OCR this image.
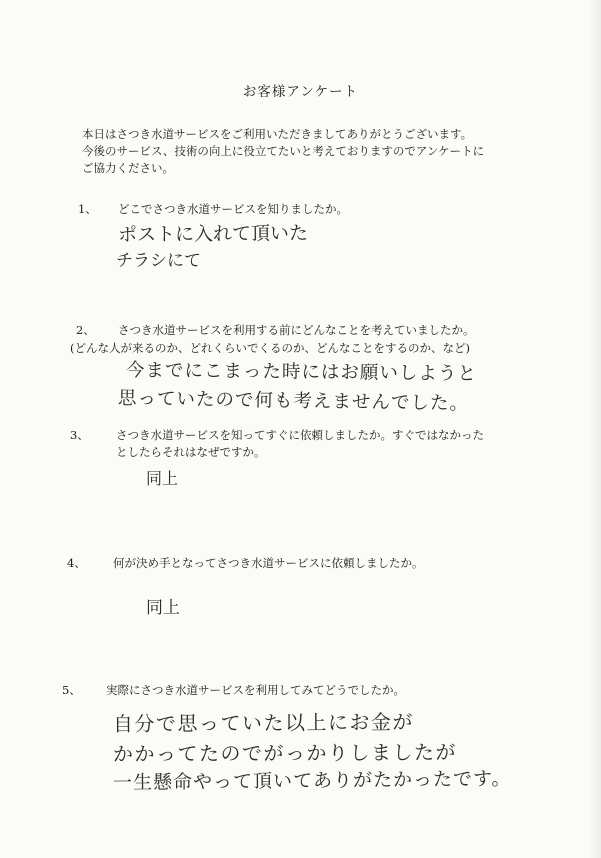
お客様アンケート
本日はさつき水道サービスをご利用いただきましてありがとうございます。
今後のサービス、技術の向上に役立てたいと考えておりますのでアンケートに
ご協力ください。
1、 どこでさつき水道サービスを知りましたか。
ポストに入れて頂いた
チラシにて
2、 さつき水道サービスを利用する前にどんなことを考えていましたか。
(どんな人が来るのか、どれくらいでくるのか、どんなことをするのか、など)
今までにこまった時にはお願いしようと
思っていたので何も考えませんでした。
3、 さつき水道サービスを知ってすぐに依頼しましたか。すぐではなかった
としたらそれはなぜですか。
同上
4、 何が決め手となってさつき水道サービスに依頼しましたか。
同上
5、 実際にさつき水道サービスを利用してみてどうでしたか。
自分で思っていた以上にお金が
かかってたのでがっかりしましたが
一生懸命やって頂いてありがたかったです。
